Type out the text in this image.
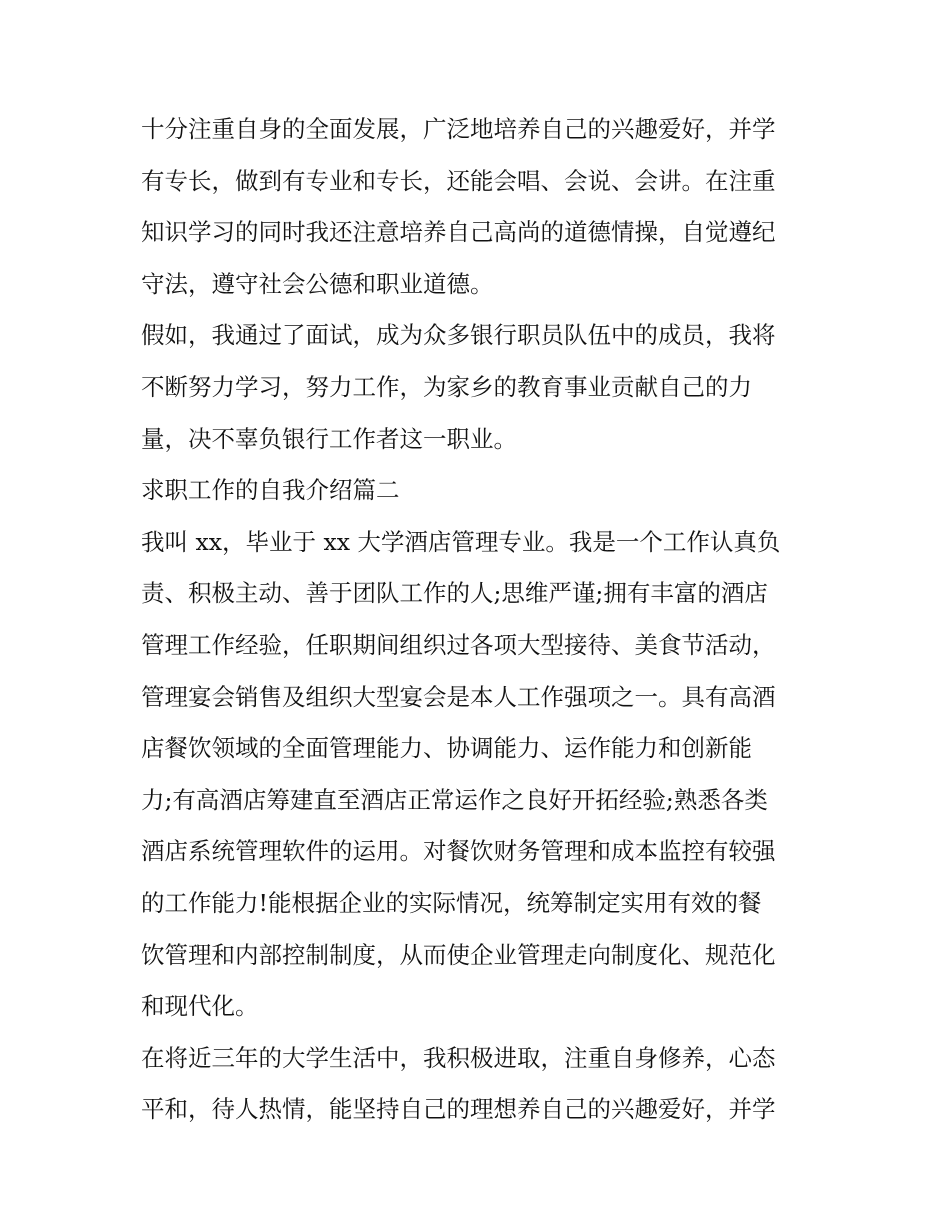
十分注重自身的全面发展，广泛地培养自己的兴趣爱好，并学
有专长，做到有专业和专长，还能会唱、会说、会讲。在注重
知识学习的同时我还注意培养自己高尚的道德情操，自觉遵纪
守法，遵守社会公德和职业道德。
假如，我通过了面试，成为众多银行职员队伍中的成员，我将
不断努力学习，努力工作，为家乡的教育事业贡献自己的力
量，决不辜负银行工作者这一职业。
求职工作的自我介绍篇二
我叫 xx，毕业于 xx 大学酒店管理专业。我是一个工作认真负
责、积极主动、善于团队工作的人;思维严谨;拥有丰富的酒店
管理工作经验，任职期间组织过各项大型接待、美食节活动，
管理宴会销售及组织大型宴会是本人工作强项之一。具有高酒
店餐饮领域的全面管理能力、协调能力、运作能力和创新能
力;有高酒店筹建直至酒店正常运作之良好开拓经验;熟悉各类
酒店系统管理软件的运用。对餐饮财务管理和成本监控有较强
的工作能力!能根据企业的实际情况，统筹制定实用有效的餐
饮管理和内部控制制度，从而使企业管理走向制度化、规范化
和现代化。
在将近三年的大学生活中，我积极进取，注重自身修养，心态
平和，待人热情，能坚持自己的理想养自己的兴趣爱好，并学
